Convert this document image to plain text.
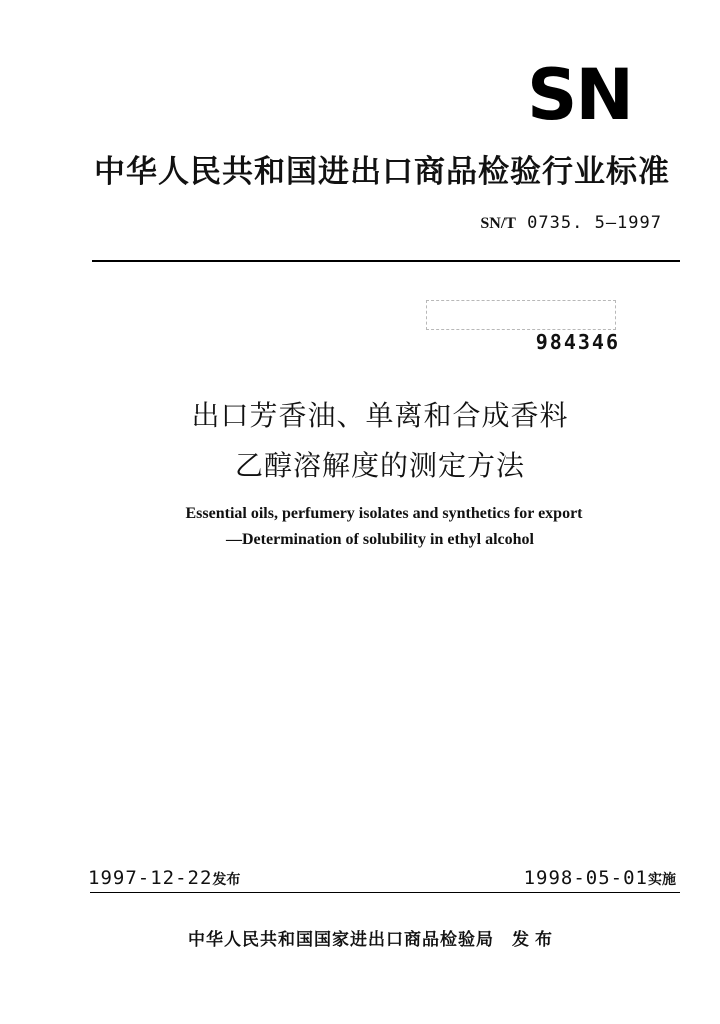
SN
中华人民共和国进出口商品检验行业标准
SN/T 0735. 5—1997
984346
出口芳香油、单离和合成香料
乙醇溶解度的测定方法
Essential oils, perfumery isolates and synthetics for export
—Determination of solubility in ethyl alcohol
1997-12-22发布	1998-05-01实施
中华人民共和国国家进出口商品检验局 发布
